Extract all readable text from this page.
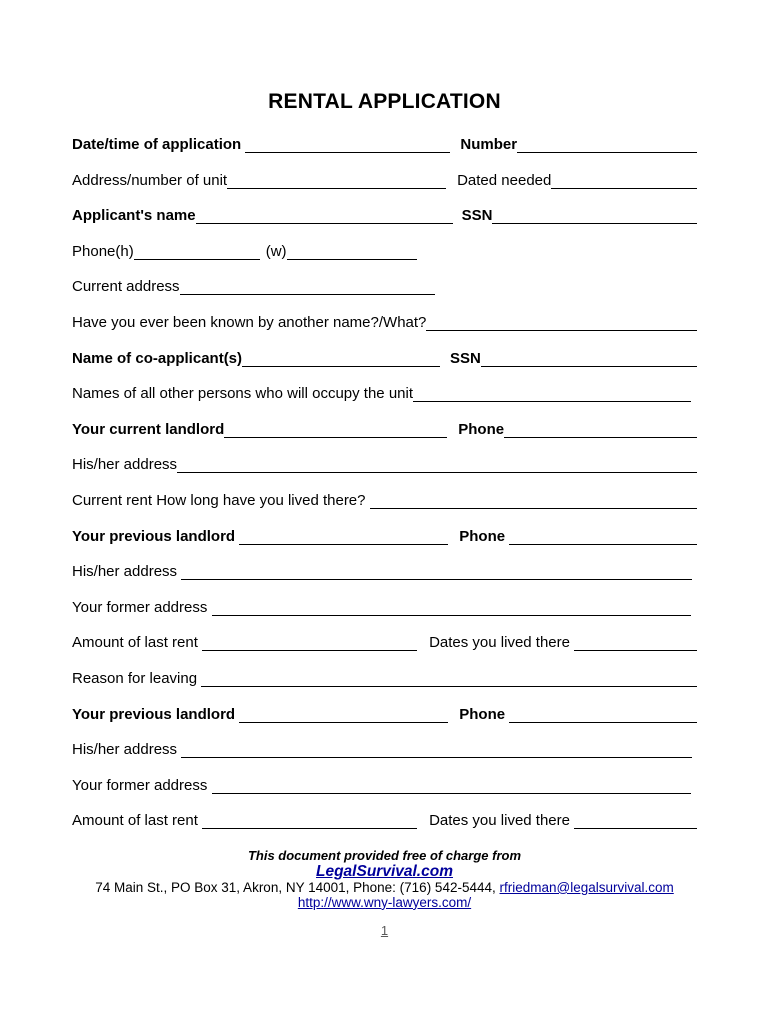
RENTAL APPLICATION
Date/time of application	Number
Address/number of unit	Dated needed
Applicant's name	SSN
Phone(h)	(w)
Current address
Have you ever been known by another name?/What?
Name of co-applicant(s)	SSN
Names of all other persons who will occupy the unit
Your current landlord	Phone
His/her address
Current rent How long have you lived there?
Your previous landlord	Phone
His/her address
Your former address
Amount of last rent	Dates you lived there
Reason for leaving
Your previous landlord	Phone
His/her address
Your former address
Amount of last rent	Dates you lived there
This document provided free of charge from
LegalSurvival.com
74 Main St., PO Box 31, Akron, NY 14001, Phone: (716) 542-5444, rfriedman@legalsurvival.com
http://www.wny-lawyers.com/
1
